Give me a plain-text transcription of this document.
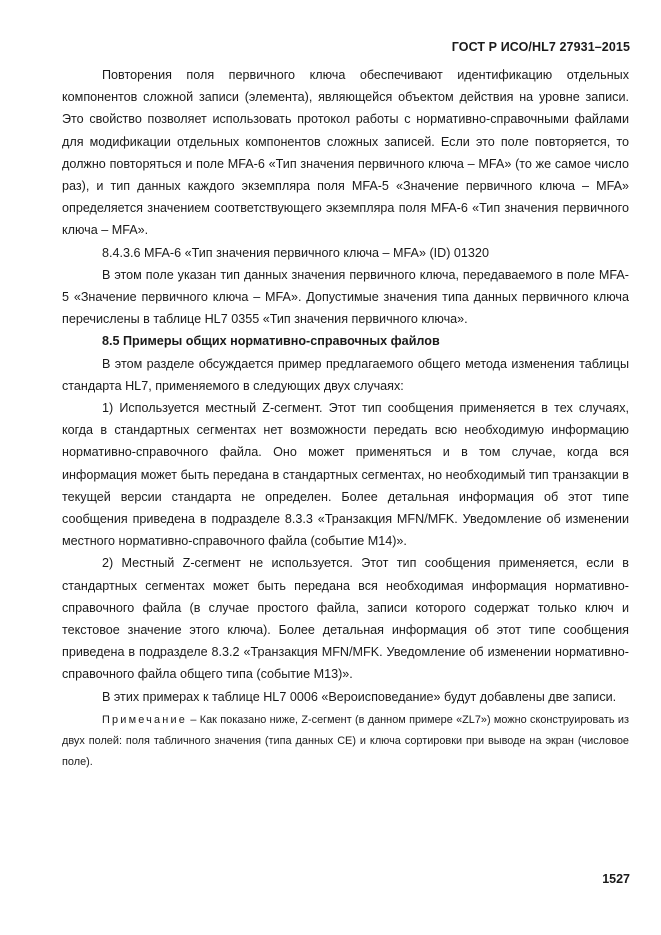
ГОСТ Р ИСО/HL7 27931–2015

Повторения поля первичного ключа обеспечивают идентификацию отдельных компонентов сложной записи (элемента), являющейся объектом действия на уровне записи. Это свойство позволяет использовать протокол работы с нормативно-справочными файлами для модификации отдельных компонентов сложных записей. Если это поле повторяется, то должно повторяться и поле MFA-6 «Тип значения первичного ключа – MFA» (то же самое число раз), и тип данных каждого экземпляра поля MFA-5 «Значение первичного ключа – MFA» определяется значением соответствующего экземпляра поля MFA-6 «Тип значения первичного ключа – MFA».

8.4.3.6 MFA-6 «Тип значения первичного ключа – MFA» (ID) 01320

В этом поле указан тип данных значения первичного ключа, передаваемого в поле MFA-5 «Значение первичного ключа – MFA». Допустимые значения типа данных первичного ключа перечислены в таблице HL7 0355 «Тип значения первичного ключа».

8.5 Примеры общих нормативно-справочных файлов

В этом разделе обсуждается пример предлагаемого общего метода изменения таблицы стандарта HL7, применяемого в следующих двух случаях:

1) Используется местный Z-сегмент. Этот тип сообщения применяется в тех случаях, когда в стандартных сегментах нет возможности передать всю необходимую информацию нормативно-справочного файла. Оно может применяться и в том случае, когда вся информация может быть передана в стандартных сегментах, но необходимый тип транзакции в текущей версии стандарта не определен. Более детальная информация об этот типе сообщения приведена в подразделе 8.3.3 «Транзакция MFN/MFK. Уведомление об изменении местного нормативно-справочного файла (событие M14)».

2) Местный Z-сегмент не используется. Этот тип сообщения применяется, если в стандартных сегментах может быть передана вся необходимая информация нормативно-справочного файла (в случае простого файла, записи которого содержат только ключ и текстовое значение этого ключа). Более детальная информация об этот типе сообщения приведена в подразделе 8.3.2 «Транзакция MFN/MFK. Уведомление об изменении нормативно-справочного файла общего типа (событие M13)».

В этих примерах к таблице HL7 0006 «Вероисповедание» будут добавлены две записи.

Примечание – Как показано ниже, Z-сегмент (в данном примере «ZL7») можно сконструировать из двух полей: поля табличного значения (типа данных CE) и ключа сортировки при выводе на экран (числовое поле).

1527
